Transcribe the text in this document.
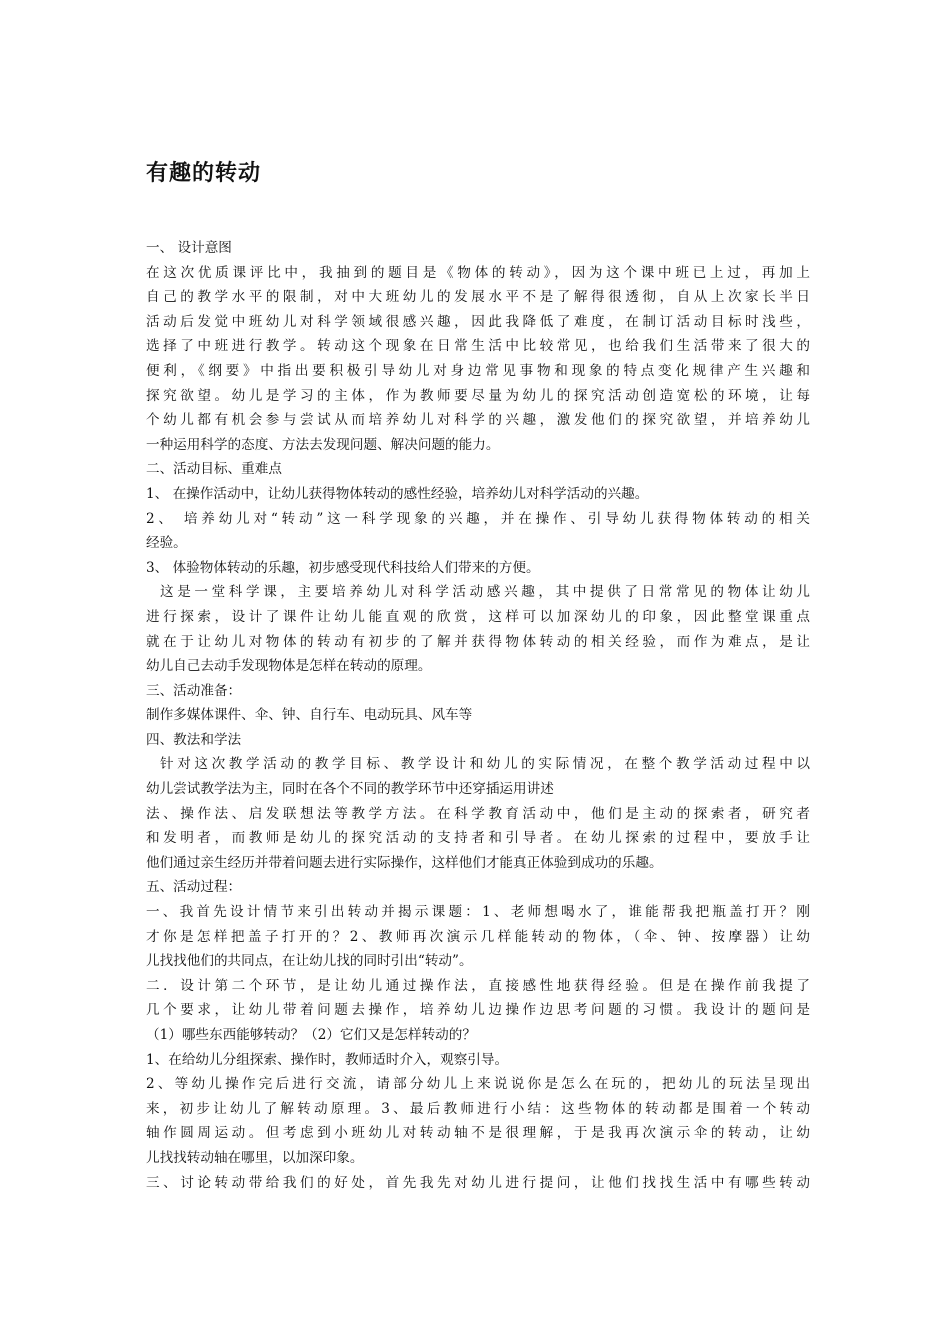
有趣的转动
一、 设计意图
在这次优质课评比中，我抽到的题目是《物体的转动》，因为这个课中班已上过，再加上
自己的教学水平的限制，对中大班幼儿的发展水平不是了解得很透彻，自从上次家长半日
活动后发觉中班幼儿对科学领域很感兴趣，因此我降低了难度，在制订活动目标时浅些，
选择了中班进行教学。转动这个现象在日常生活中比较常见，也给我们生活带来了很大的
便利，《纲要》中指出要积极引导幼儿对身边常见事物和现象的特点变化规律产生兴趣和
探究欲望。幼儿是学习的主体，作为教师要尽量为幼儿的探究活动创造宽松的环境，让每
个幼儿都有机会参与尝试从而培养幼儿对科学的兴趣，激发他们的探究欲望，并培养幼儿
一种运用科学的态度、方法去发现问题、解决问题的能力。
二、活动目标、重难点
1、 在操作活动中，让幼儿获得物体转动的感性经验，培养幼儿对科学活动的兴趣。
2、 培养幼儿对“转动”这一科学现象的兴趣，并在操作、引导幼儿获得物体转动的相关
经验。
3、 体验物体转动的乐趣，初步感受现代科技给人们带来的方便。
这是一堂科学课，主要培养幼儿对科学活动感兴趣，其中提供了日常常见的物体让幼儿
进行探索，设计了课件让幼儿能直观的欣赏，这样可以加深幼儿的印象，因此整堂课重点
就在于让幼儿对物体的转动有初步的了解并获得物体转动的相关经验，而作为难点，是让
幼儿自己去动手发现物体是怎样在转动的原理。
三、活动准备：
制作多媒体课件、伞、钟、自行车、电动玩具、风车等
四、教法和学法
针对这次教学活动的教学目标、教学设计和幼儿的实际情况，在整个教学活动过程中以
幼儿尝试教学法为主，同时在各个不同的教学环节中还穿插运用讲述
法、操作法、启发联想法等教学方法。在科学教育活动中，他们是主动的探索者，研究者
和发明者，而教师是幼儿的探究活动的支持者和引导者。在幼儿探索的过程中，要放手让
他们通过亲生经历并带着问题去进行实际操作，这样他们才能真正体验到成功的乐趣。
五、活动过程：
一、我首先设计情节来引出转动并揭示课题：1、老师想喝水了，谁能帮我把瓶盖打开？刚
才你是怎样把盖子打开的？2、教师再次演示几样能转动的物体，（伞、钟、按摩器）让幼
儿找找他们的共同点，在让幼儿找的同时引出“转动”。
二．设计第二个环节，是让幼儿通过操作法，直接感性地获得经验。但是在操作前我提了
几个要求，让幼儿带着问题去操作，培养幼儿边操作边思考问题的习惯。我设计的题问是
（1）哪些东西能够转动？（2）它们又是怎样转动的？
1、在给幼儿分组探索、操作时，教师适时介入，观察引导。
2、等幼儿操作完后进行交流，请部分幼儿上来说说你是怎么在玩的，把幼儿的玩法呈现出
来，初步让幼儿了解转动原理。3、最后教师进行小结：这些物体的转动都是围着一个转动
轴作圆周运动。但考虑到小班幼儿对转动轴不是很理解，于是我再次演示伞的转动，让幼
儿找找转动轴在哪里，以加深印象。
三、讨论转动带给我们的好处，首先我先对幼儿进行提问，让他们找找生活中有哪些转动
